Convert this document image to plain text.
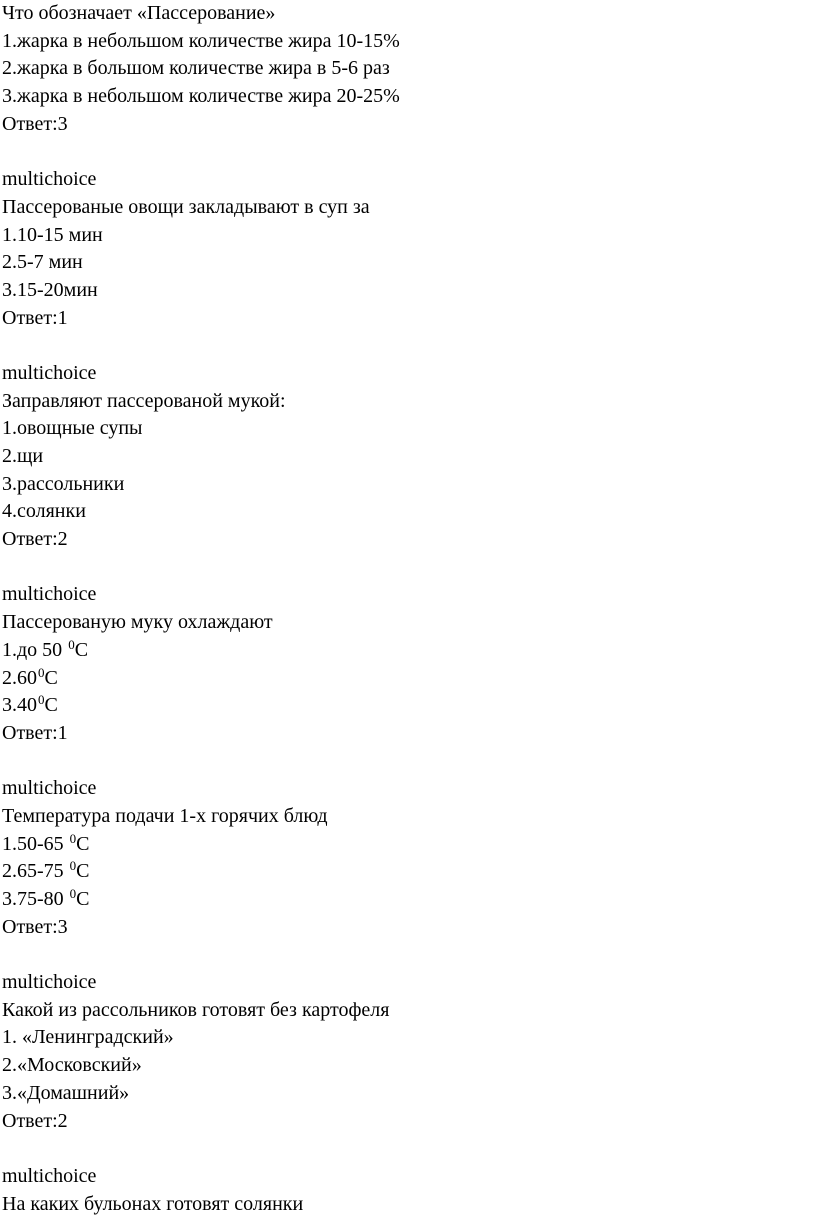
Что обозначает «Пассерование»
1.жарка в небольшом количестве жира 10-15%
2.жарка в большом количестве жира в 5-6 раз
3.жарка в небольшом количестве жира 20-25%
Ответ:3
multichoice
Пассерованые овощи закладывают в суп за
1.10-15 мин
2.5-7 мин
3.15-20мин
Ответ:1
multichoice
Заправляют пассерованой мукой:
1.овощные супы
2.щи
3.рассольники
4.солянки
Ответ:2
multichoice
Пассерованую муку охлаждают
1.до 50 $^0$С
2.60$^0$С
3.40$^0$С
Ответ:1
multichoice
Температура подачи 1-х горячих блюд
1.50-65 $^0$С
2.65-75 $^0$С
3.75-80 $^0$С
Ответ:3
multichoice
Какой из рассольников готовят без картофеля
1. «Ленинградский»
2.«Московский»
3.«Домашний»
Ответ:2
multichoice
На каких бульонах готовят солянки
